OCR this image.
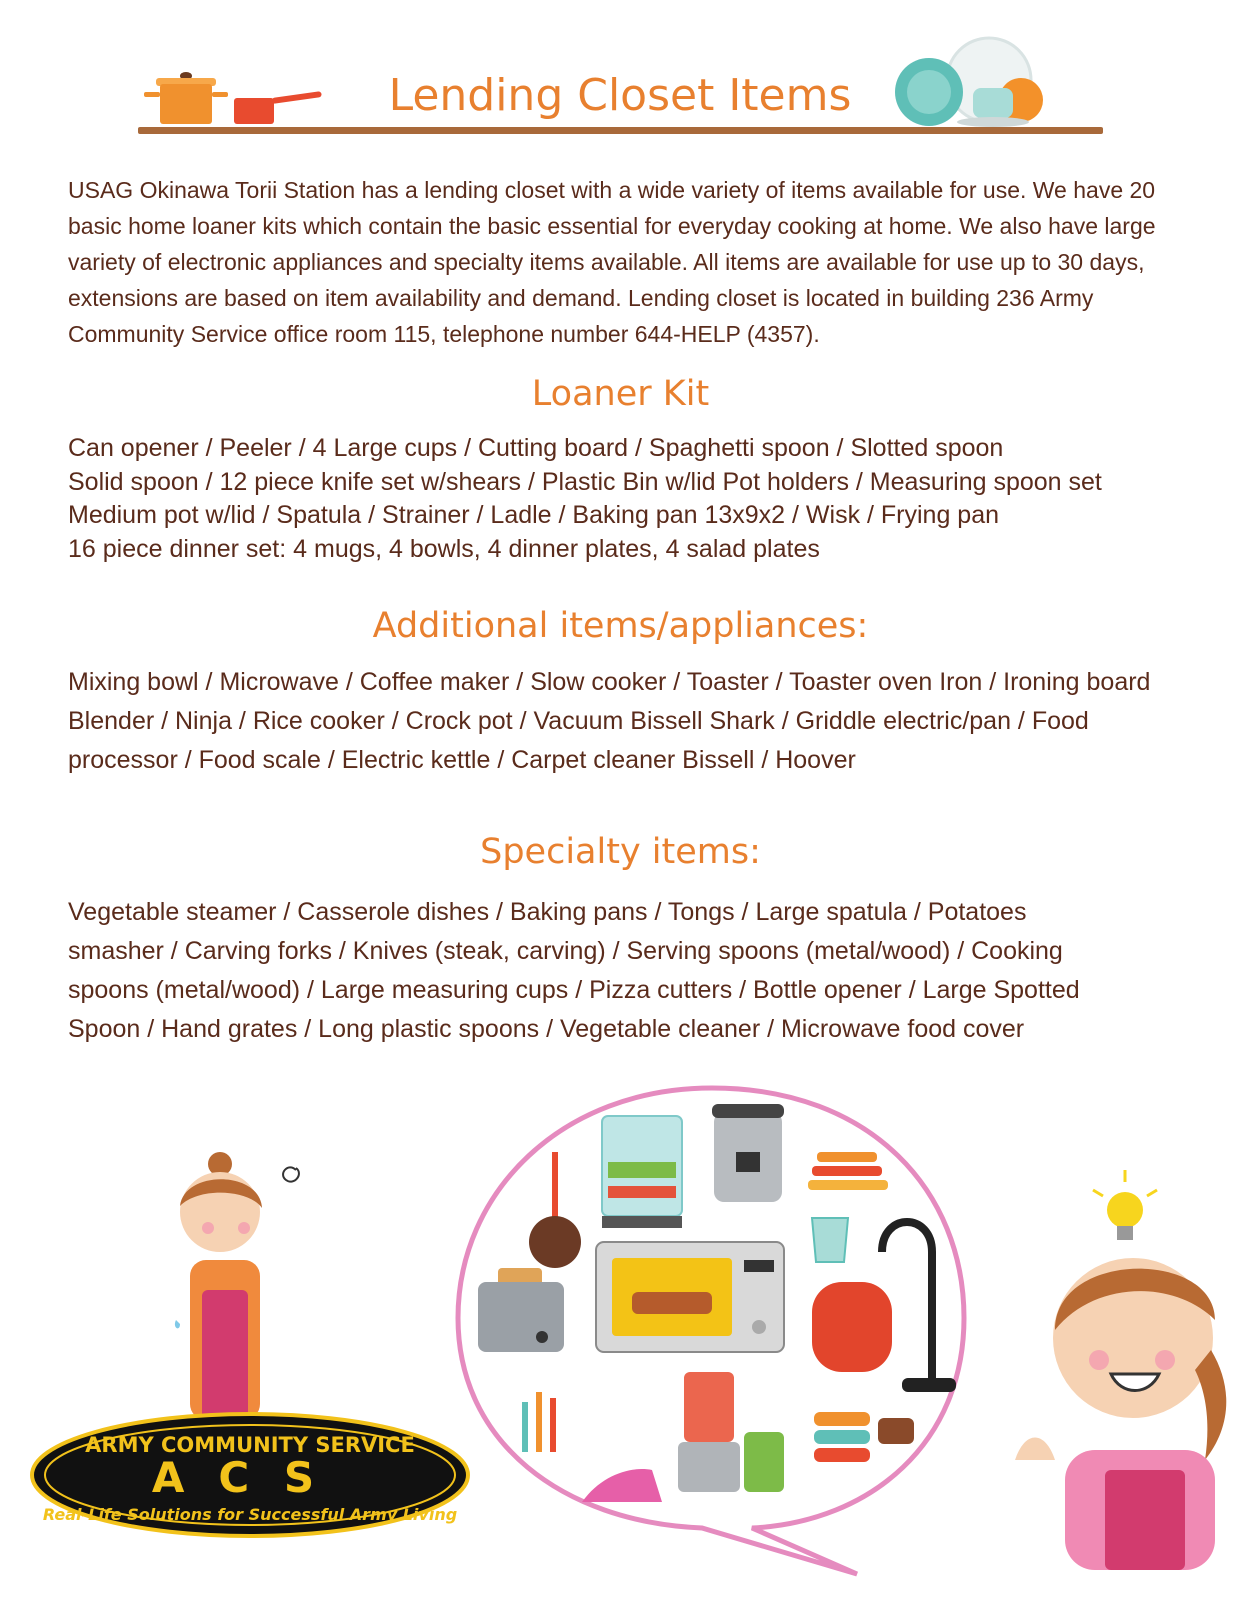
Lending Closet Items

USAG Okinawa Torii Station has a lending closet with a wide variety of items available for use. We have 20

basic home loaner kits which contain the basic essential for everyday cooking at home. We also have large

variety of electronic appliances and specialty items available. All items are available for use up to 30 days,

extensions are based on item availability and demand. Lending closet is located in building 236 Army

Community Service office room 115, telephone number 644-HELP (4357).

Loaner Kit

Can opener / Peeler / 4 Large cups / Cutting board / Spaghetti spoon / Slotted spoon

Solid spoon / 12 piece knife set w/shears / Plastic Bin w/lid Pot holders / Measuring spoon set

Medium pot w/lid / Spatula / Strainer / Ladle / Baking pan 13x9x2 / Wisk / Frying pan

16 piece dinner set: 4 mugs, 4 bowls, 4 dinner plates, 4 salad plates

Additional items/appliances:

Mixing bowl / Microwave / Coffee maker / Slow cooker / Toaster / Toaster oven Iron / Ironing board

Blender / Ninja / Rice cooker / Crock pot / Vacuum Bissell Shark / Griddle electric/pan / Food

processor / Food scale / Electric kettle / Carpet cleaner Bissell / Hoover

Specialty items:

Vegetable steamer / Casserole dishes / Baking pans / Tongs / Large spatula / Potatoes

smasher / Carving forks / Knives (steak, carving) / Serving spoons (metal/wood) / Cooking

spoons (metal/wood) / Large measuring cups / Pizza cutters / Bottle opener / Large Spotted

Spoon / Hand grates / Long plastic spoons / Vegetable cleaner / Microwave food cover

ARMY COMMUNITY SERVICE
ACS
Real-Life Solutions for Successful Army Living
